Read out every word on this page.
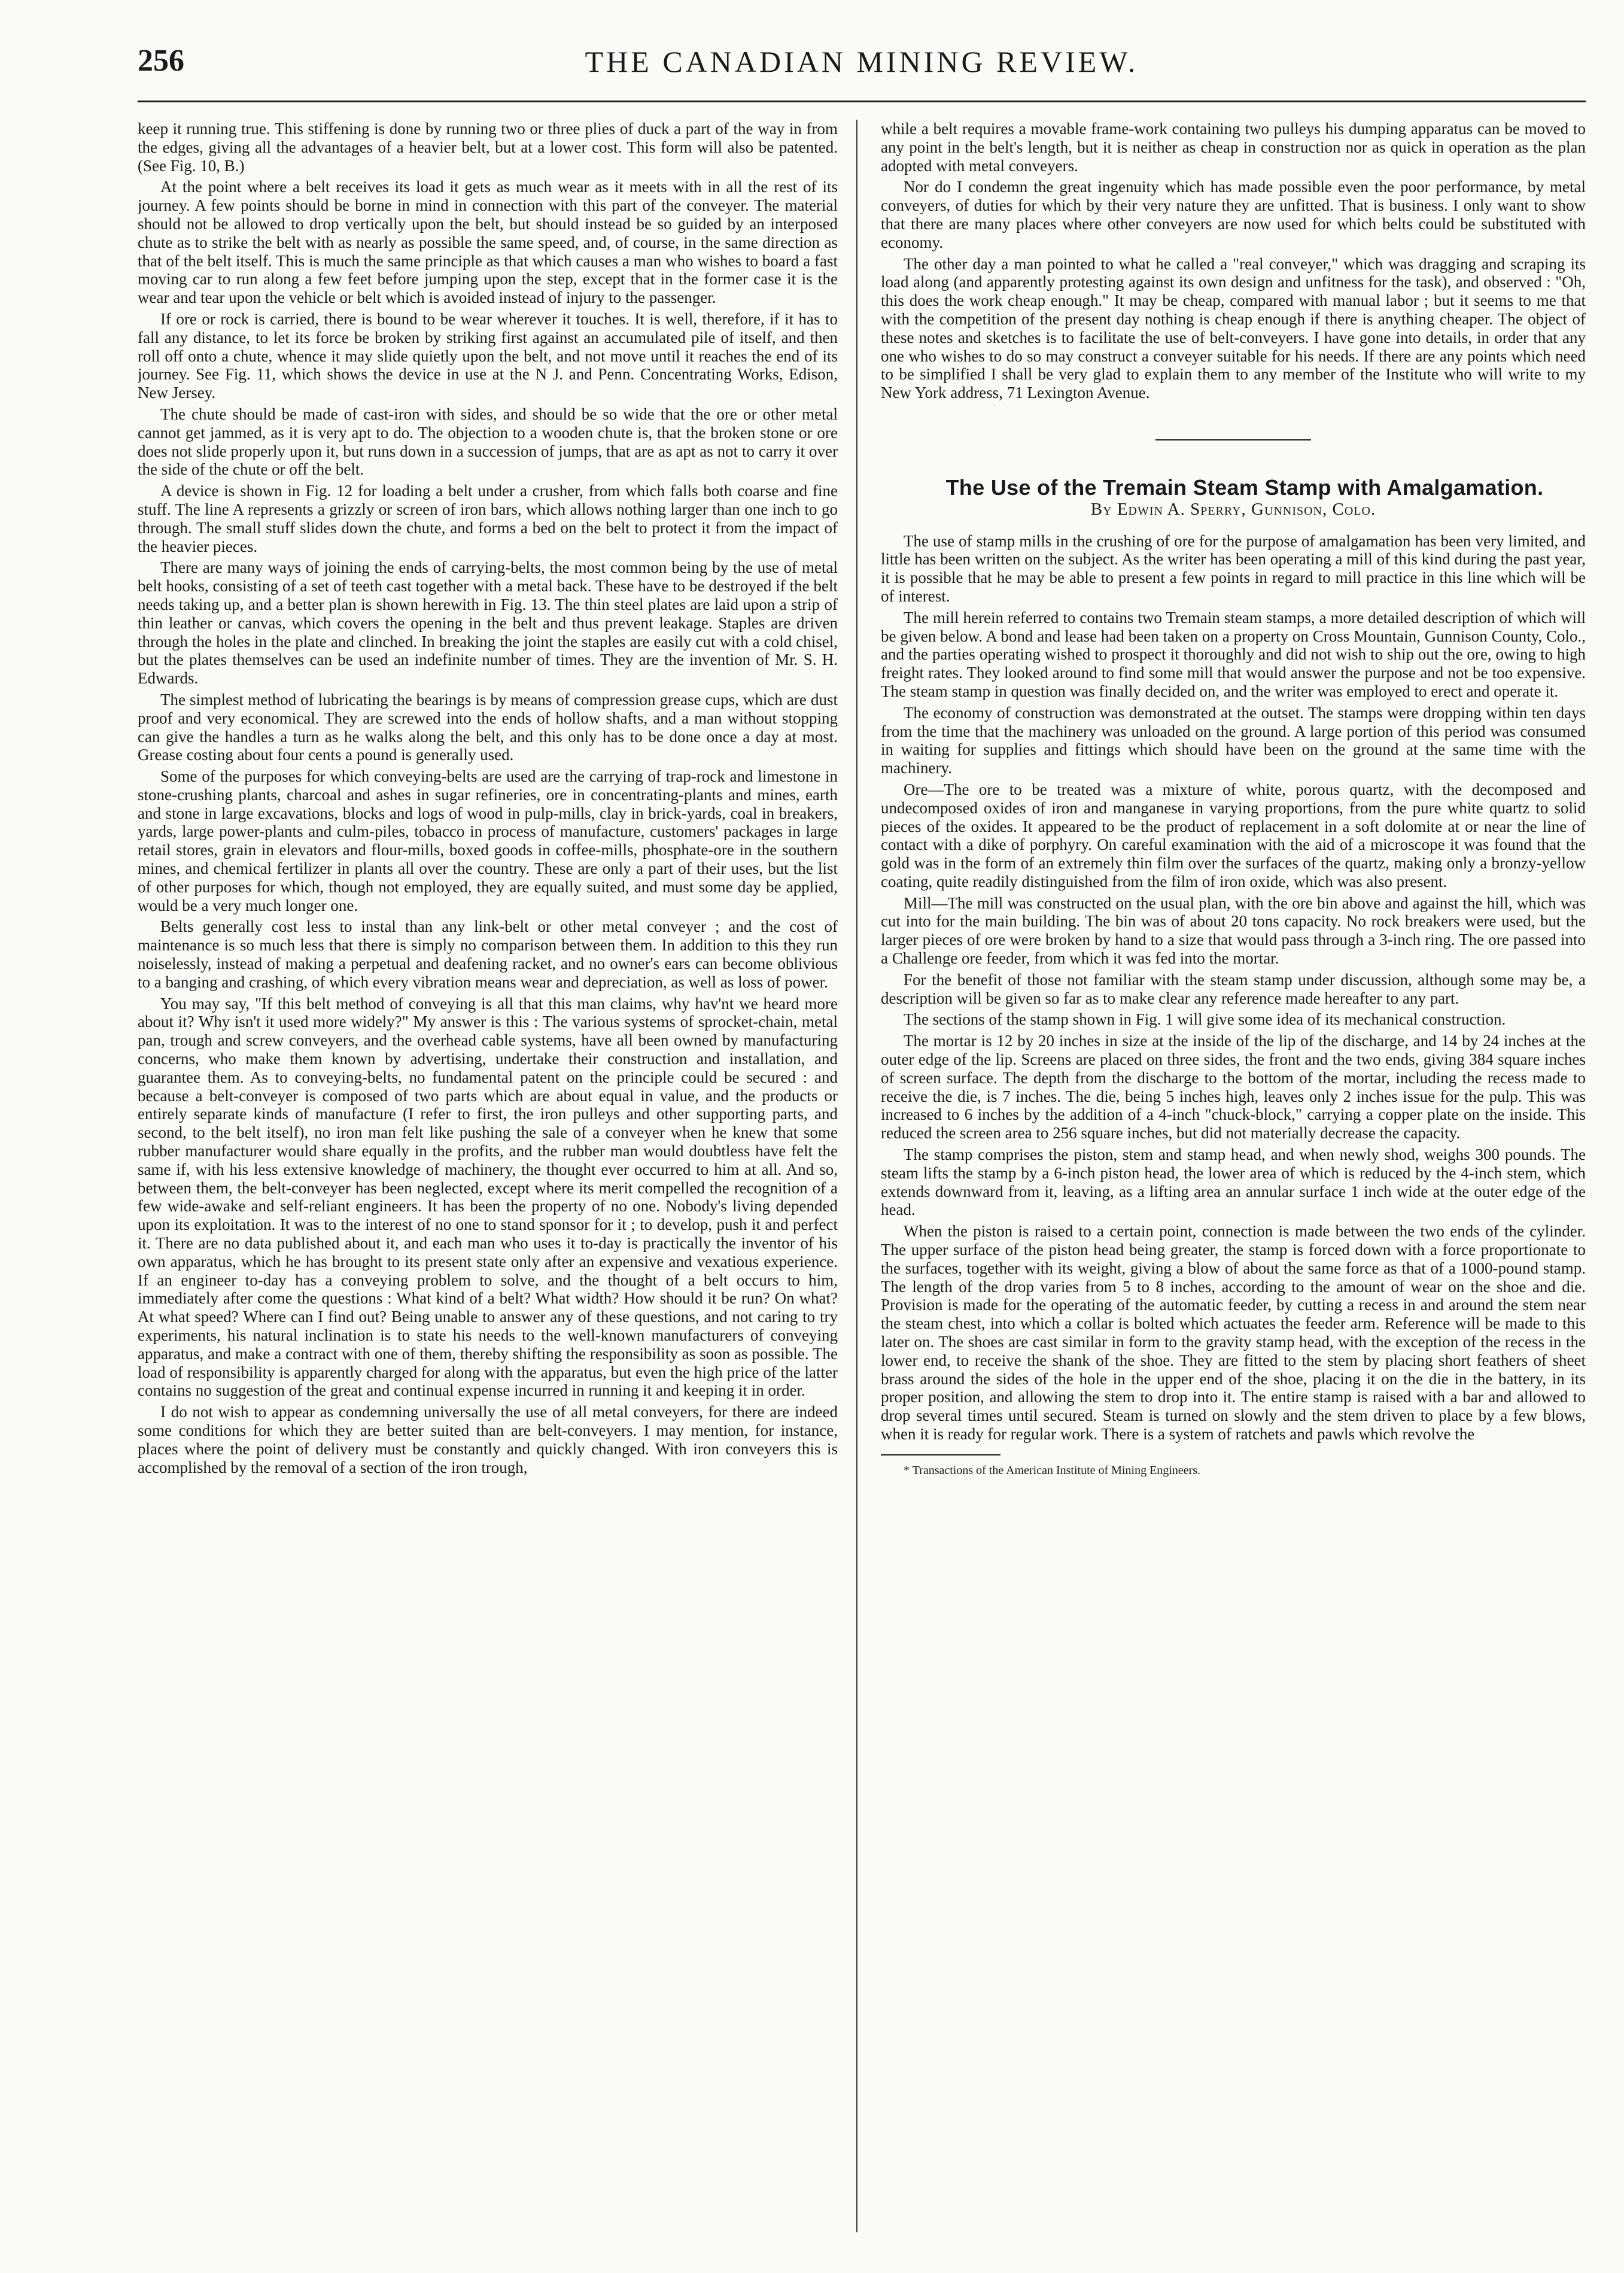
256	THE CANADIAN MINING REVIEW.

keep it running true. This stiffening is done by running two or three plies of duck a part of the way in from the edges, giving all the advantages of a heavier belt, but at a lower cost. This form will also be patented. (See Fig. 10, B.)

At the point where a belt receives its load it gets as much wear as it meets with in all the rest of its journey. A few points should be borne in mind in connection with this part of the conveyer. The material should not be allowed to drop vertically upon the belt, but should instead be so guided by an interposed chute as to strike the belt with as nearly as possible the same speed, and, of course, in the same direction as that of the belt itself. This is much the same principle as that which causes a man who wishes to board a fast moving car to run along a few feet before jumping upon the step, except that in the former case it is the wear and tear upon the vehicle or belt which is avoided instead of injury to the passenger.

If ore or rock is carried, there is bound to be wear wherever it touches. It is well, therefore, if it has to fall any distance, to let its force be broken by striking first against an accumulated pile of itself, and then roll off onto a chute, whence it may slide quietly upon the belt, and not move until it reaches the end of its journey. See Fig. 11, which shows the device in use at the N J. and Penn. Concentrating Works, Edison, New Jersey.

The chute should be made of cast-iron with sides, and should be so wide that the ore or other metal cannot get jammed, as it is very apt to do. The objection to a wooden chute is, that the broken stone or ore does not slide properly upon it, but runs down in a succession of jumps, that are as apt as not to carry it over the side of the chute or off the belt.

A device is shown in Fig. 12 for loading a belt under a crusher, from which falls both coarse and fine stuff. The line A represents a grizzly or screen of iron bars, which allows nothing larger than one inch to go through. The small stuff slides down the chute, and forms a bed on the belt to protect it from the impact of the heavier pieces.

There are many ways of joining the ends of carrying-belts, the most common being by the use of metal belt hooks, consisting of a set of teeth cast together with a metal back. These have to be destroyed if the belt needs taking up, and a better plan is shown herewith in Fig. 13. The thin steel plates are laid upon a strip of thin leather or canvas, which covers the opening in the belt and thus prevent leakage. Staples are driven through the holes in the plate and clinched. In breaking the joint the staples are easily cut with a cold chisel, but the plates themselves can be used an indefinite number of times. They are the invention of Mr. S. H. Edwards.

The simplest method of lubricating the bearings is by means of compression grease cups, which are dust proof and very economical. They are screwed into the ends of hollow shafts, and a man without stopping can give the handles a turn as he walks along the belt, and this only has to be done once a day at most. Grease costing about four cents a pound is generally used.

Some of the purposes for which conveying-belts are used are the carrying of trap-rock and limestone in stone-crushing plants, charcoal and ashes in sugar refineries, ore in concentrating-plants and mines, earth and stone in large excavations, blocks and logs of wood in pulp-mills, clay in brick-yards, coal in breakers, yards, large power-plants and culm-piles, tobacco in process of manufacture, customers' packages in large retail stores, grain in elevators and flour-mills, boxed goods in coffee-mills, phosphate-ore in the southern mines, and chemical fertilizer in plants all over the country. These are only a part of their uses, but the list of other purposes for which, though not employed, they are equally suited, and must some day be applied, would be a very much longer one.

Belts generally cost less to instal than any link-belt or other metal conveyer ; and the cost of maintenance is so much less that there is simply no comparison between them. In addition to this they run noiselessly, instead of making a perpetual and deafening racket, and no owner's ears can become oblivious to a banging and crashing, of which every vibration means wear and depreciation, as well as loss of power.

You may say, "If this belt method of conveying is all that this man claims, why hav'nt we heard more about it? Why isn't it used more widely?" My answer is this : The various systems of sprocket-chain, metal pan, trough and screw conveyers, and the overhead cable systems, have all been owned by manufacturing concerns, who make them known by advertising, undertake their construction and installation, and guarantee them. As to conveying-belts, no fundamental patent on the principle could be secured : and because a belt-conveyer is composed of two parts which are about equal in value, and the products or entirely separate kinds of manufacture (I refer to first, the iron pulleys and other supporting parts, and second, to the belt itself), no iron man felt like pushing the sale of a conveyer when he knew that some rubber manufacturer would share equally in the profits, and the rubber man would doubtless have felt the same if, with his less extensive knowledge of machinery, the thought ever occurred to him at all. And so, between them, the belt-conveyer has been neglected, except where its merit compelled the recognition of a few wide-awake and self-reliant engineers. It has been the property of no one. Nobody's living depended upon its exploitation. It was to the interest of no one to stand sponsor for it ; to develop, push it and perfect it. There are no data published about it, and each man who uses it to-day is practically the inventor of his own apparatus, which he has brought to its present state only after an expensive and vexatious experience. If an engineer to-day has a conveying problem to solve, and the thought of a belt occurs to him, immediately after come the questions : What kind of a belt? What width? How should it be run? On what? At what speed? Where can I find out? Being unable to answer any of these questions, and not caring to try experiments, his natural inclination is to state his needs to the well-known manufacturers of conveying apparatus, and make a contract with one of them, thereby shifting the responsibility as soon as possible. The load of responsibility is apparently charged for along with the apparatus, but even the high price of the latter contains no suggestion of the great and continual expense incurred in running it and keeping it in order.

I do not wish to appear as condemning universally the use of all metal conveyers, for there are indeed some conditions for which they are better suited than are belt-conveyers. I may mention, for instance, places where the point of delivery must be constantly and quickly changed. With iron conveyers this is accomplished by the removal of a section of the iron trough,

while a belt requires a movable frame-work containing two pulleys his dumping apparatus can be moved to any point in the belt's length, but it is neither as cheap in construction nor as quick in operation as the plan adopted with metal conveyers.

Nor do I condemn the great ingenuity which has made possible even the poor performance, by metal conveyers, of duties for which by their very nature they are unfitted. That is business. I only want to show that there are many places where other conveyers are now used for which belts could be substituted with economy.

The other day a man pointed to what he called a "real conveyer," which was dragging and scraping its load along (and apparently protesting against its own design and unfitness for the task), and observed : "Oh, this does the work cheap enough." It may be cheap, compared with manual labor ; but it seems to me that with the competition of the present day nothing is cheap enough if there is anything cheaper. The object of these notes and sketches is to facilitate the use of belt-conveyers. I have gone into details, in order that any one who wishes to do so may construct a conveyer suitable for his needs. If there are any points which need to be simplified I shall be very glad to explain them to any member of the Institute who will write to my New York address, 71 Lexington Avenue.

The Use of the Tremain Steam Stamp with Amalgamation.

By Edwin A. Sperry, Gunnison, Colo.

The use of stamp mills in the crushing of ore for the purpose of amalgamation has been very limited, and little has been written on the subject. As the writer has been operating a mill of this kind during the past year, it is possible that he may be able to present a few points in regard to mill practice in this line which will be of interest.

The mill herein referred to contains two Tremain steam stamps, a more detailed description of which will be given below. A bond and lease had been taken on a property on Cross Mountain, Gunnison County, Colo., and the parties operating wished to prospect it thoroughly and did not wish to ship out the ore, owing to high freight rates. They looked around to find some mill that would answer the purpose and not be too expensive. The steam stamp in question was finally decided on, and the writer was employed to erect and operate it.

The economy of construction was demonstrated at the outset. The stamps were dropping within ten days from the time that the machinery was unloaded on the ground. A large portion of this period was consumed in waiting for supplies and fittings which should have been on the ground at the same time with the machinery.

Ore—The ore to be treated was a mixture of white, porous quartz, with the decomposed and undecomposed oxides of iron and manganese in varying proportions, from the pure white quartz to solid pieces of the oxides. It appeared to be the product of replacement in a soft dolomite at or near the line of contact with a dike of porphyry. On careful examination with the aid of a microscope it was found that the gold was in the form of an extremely thin film over the surfaces of the quartz, making only a bronzy-yellow coating, quite readily distinguished from the film of iron oxide, which was also present.

Mill—The mill was constructed on the usual plan, with the ore bin above and against the hill, which was cut into for the main building. The bin was of about 20 tons capacity. No rock breakers were used, but the larger pieces of ore were broken by hand to a size that would pass through a 3-inch ring. The ore passed into a Challenge ore feeder, from which it was fed into the mortar.

For the benefit of those not familiar with the steam stamp under discussion, although some may be, a description will be given so far as to make clear any reference made hereafter to any part.

The sections of the stamp shown in Fig. 1 will give some idea of its mechanical construction.

The mortar is 12 by 20 inches in size at the inside of the lip of the discharge, and 14 by 24 inches at the outer edge of the lip. Screens are placed on three sides, the front and the two ends, giving 384 square inches of screen surface. The depth from the discharge to the bottom of the mortar, including the recess made to receive the die, is 7 inches. The die, being 5 inches high, leaves only 2 inches issue for the pulp. This was increased to 6 inches by the addition of a 4-inch "chuck-block," carrying a copper plate on the inside. This reduced the screen area to 256 square inches, but did not materially decrease the capacity.

The stamp comprises the piston, stem and stamp head, and when newly shod, weighs 300 pounds. The steam lifts the stamp by a 6-inch piston head, the lower area of which is reduced by the 4-inch stem, which extends downward from it, leaving, as a lifting area an annular surface 1 inch wide at the outer edge of the head.

When the piston is raised to a certain point, connection is made between the two ends of the cylinder. The upper surface of the piston head being greater, the stamp is forced down with a force proportionate to the surfaces, together with its weight, giving a blow of about the same force as that of a 1000-pound stamp. The length of the drop varies from 5 to 8 inches, according to the amount of wear on the shoe and die. Provision is made for the operating of the automatic feeder, by cutting a recess in and around the stem near the steam chest, into which a collar is bolted which actuates the feeder arm. Reference will be made to this later on. The shoes are cast similar in form to the gravity stamp head, with the exception of the recess in the lower end, to receive the shank of the shoe. They are fitted to the stem by placing short feathers of sheet brass around the sides of the hole in the upper end of the shoe, placing it on the die in the battery, in its proper position, and allowing the stem to drop into it. The entire stamp is raised with a bar and allowed to drop several times until secured. Steam is turned on slowly and the stem driven to place by a few blows, when it is ready for regular work. There is a system of ratchets and pawls which revolve the

* Transactions of the American Institute of Mining Engineers.
